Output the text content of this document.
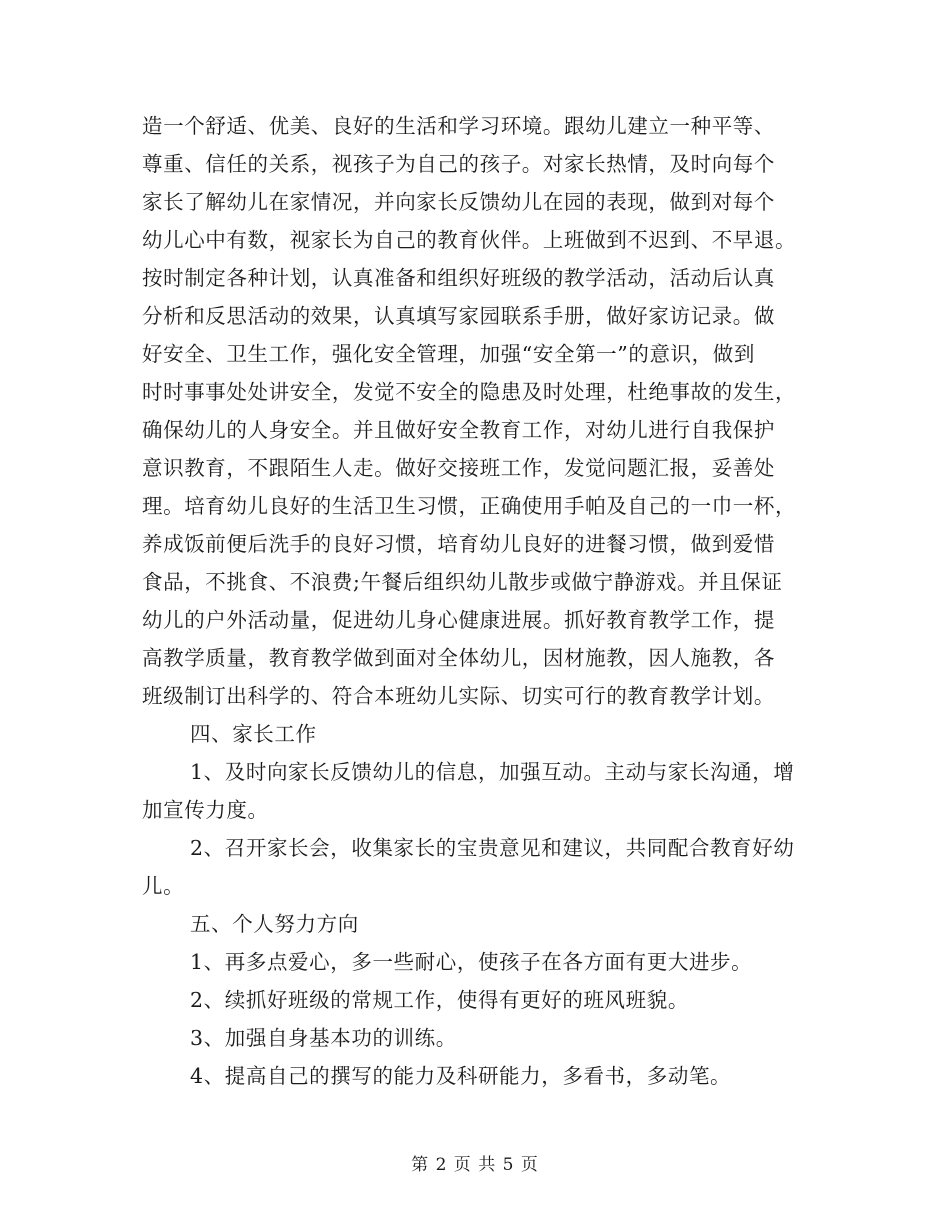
造一个舒适、优美、良好的生活和学习环境。跟幼儿建立一种平等、
尊重、信任的关系，视孩子为自己的孩子。对家长热情，及时向每个
家长了解幼儿在家情况，并向家长反馈幼儿在园的表现，做到对每个
幼儿心中有数，视家长为自己的教育伙伴。上班做到不迟到、不早退。
按时制定各种计划，认真准备和组织好班级的教学活动，活动后认真
分析和反思活动的效果，认真填写家园联系手册，做好家访记录。做
好安全、卫生工作，强化安全管理，加强“安全第一”的意识，做到
时时事事处处讲安全，发觉不安全的隐患及时处理，杜绝事故的发生，
确保幼儿的人身安全。并且做好安全教育工作，对幼儿进行自我保护
意识教育，不跟陌生人走。做好交接班工作，发觉问题汇报，妥善处
理。培育幼儿良好的生活卫生习惯，正确使用手帕及自己的一巾一杯，
养成饭前便后洗手的良好习惯，培育幼儿良好的进餐习惯，做到爱惜
食品，不挑食、不浪费;午餐后组织幼儿散步或做宁静游戏。并且保证
幼儿的户外活动量，促进幼儿身心健康进展。抓好教育教学工作，提
高教学质量，教育教学做到面对全体幼儿，因材施教，因人施教，各
班级制订出科学的、符合本班幼儿实际、切实可行的教育教学计划。
四、家长工作
1、及时向家长反馈幼儿的信息，加强互动。主动与家长沟通，增
加宣传力度。
2、召开家长会，收集家长的宝贵意见和建议，共同配合教育好幼
儿。
五、个人努力方向
1、再多点爱心，多一些耐心，使孩子在各方面有更大进步。
2、续抓好班级的常规工作，使得有更好的班风班貌。
3、加强自身基本功的训练。
4、提高自己的撰写的能力及科研能力，多看书，多动笔。
第 2 页 共 5 页
